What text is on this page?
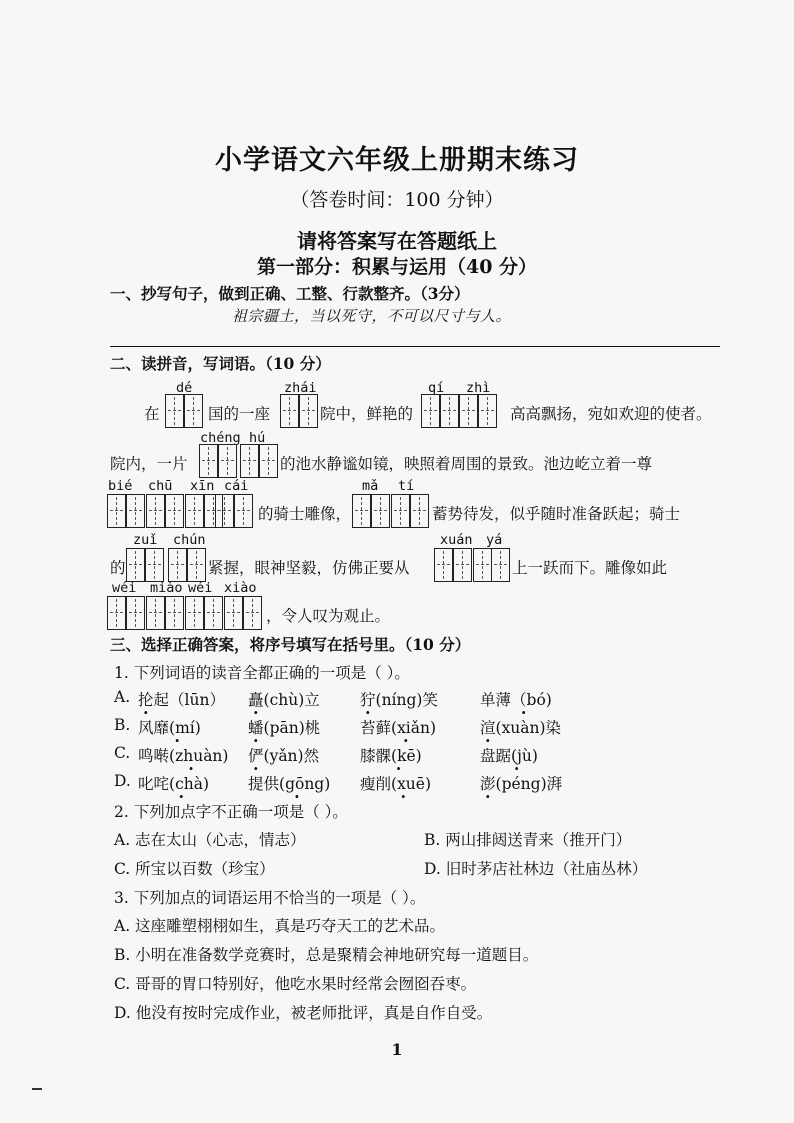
小学语文六年级上册期末练习
（答卷时间：100 分钟）
请将答案写在答题纸上
第一部分：积累与运用（40 分）
一、抄写句子，做到正确、工整、行款整齐。（3分）
祖宗疆土，当以死守，不可以尺寸与人。
二、读拼音，写词语。（10 分）
dé	zhái	qí zhì
在	国的一座	院中，鲜艳的	高高飘扬，宛如欢迎的使者。
chéng hú
院内，一片	的池水静谧如镜，映照着周围的景致。池边屹立着一尊
bié chū xīn cái	mǎ tí
的骑士雕像，	蓄势待发，似乎随时准备跃起；骑士
zuǐ chún	xuán yá
的	紧握，眼神坚毅，仿佛正要从	上一跃而下。雕像如此
wéi miào wéi xiào
，令人叹为观止。
三、选择正确答案，将序号填写在括号里。（10 分）
1. 下列词语的读音全都正确的一项是（ ）。
A. 抡起（lūn） 矗(chù)立	狞(níng)笑	单薄（bó) ·
B. 风靡(mí) ·	蟠(pān)桃	苔藓(xiǎn) ·	渲(xuàn)染
C. 鸣啭(zhuàn) · 俨(yǎn)然	膝髁(kē) ·	盘踞(jù) ·
D. 叱咤(chà) ·	提供(gōng) · 瘦削(xuē) ·	澎(péng)湃
2. 下列加点字不正确一项是（ ）。
A. 志在太山（心志，情志）	B. 两山排闼送青来（推开门）
C. 所宝以百数（珍宝）	D. 旧时茅店社林边（社庙丛林）
3. 下列加点的词语运用不恰当的一项是（ ）。
A. 这座雕塑栩栩如生，真是巧夺天工的艺术品。
B. 小明在准备数学竞赛时，总是聚精会神地研究每一道题目。
C. 哥哥的胃口特别好，他吃水果时经常会囫囵吞枣。
D. 他没有按时完成作业，被老师批评，真是自作自受。
1
